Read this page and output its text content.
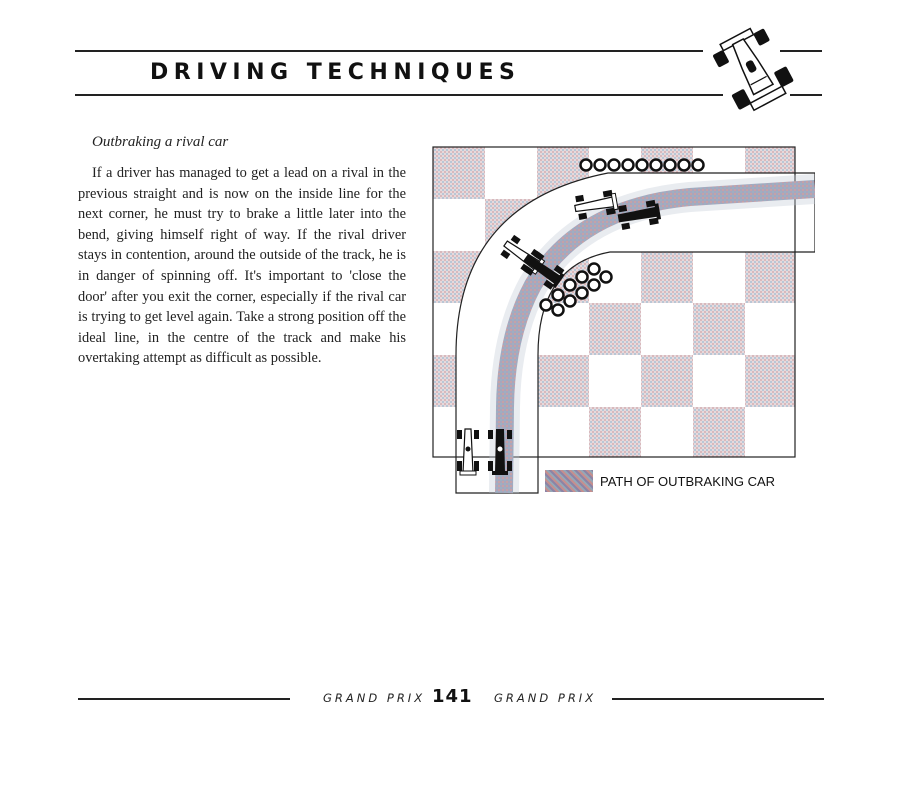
DRIVING TECHNIQUES
Outbraking a rival car

If a driver has managed to get a lead on a rival in the previous straight and is now on the inside line for the next corner, he must try to brake a little later into the bend, giving himself right of way. If the rival driver stays in contention, around the outside of the track, he is in danger of spinning off. It's important to 'close the door' after you exit the corner, especially if the rival car is trying to get level again. Take a strong position off the ideal line, in the centre of the track and make his overtaking attempt as difficult as possible.

PATH OF OUTBRAKING CAR
GRAND PRIX 141 GRAND PRIX
